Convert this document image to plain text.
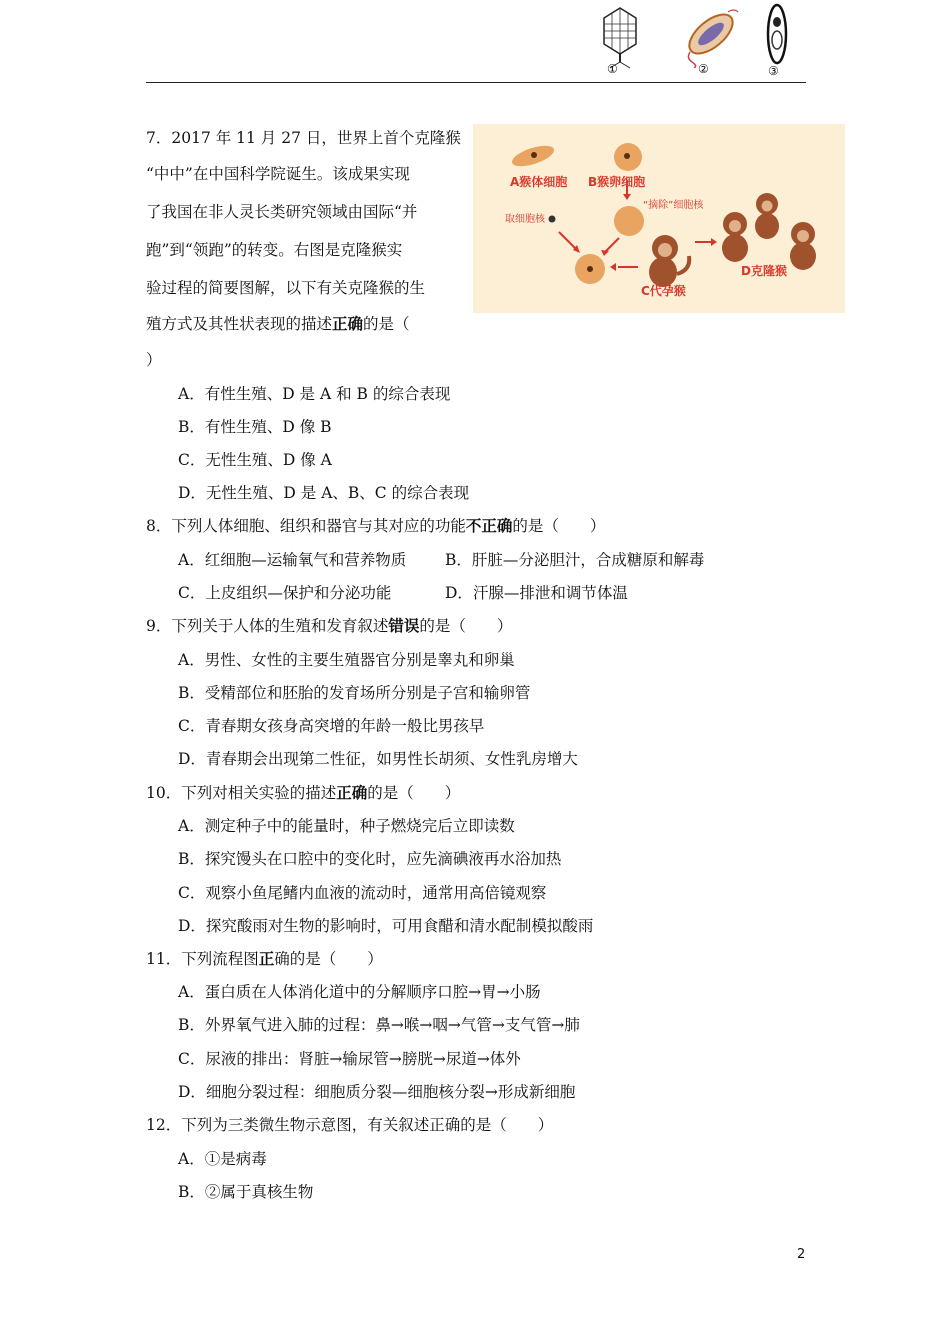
①	②	③
7．2017 年 11 月 27 日，世界上首个克隆猴
“中中”在中国科学院诞生。该成果实现
了我国在非人灵长类研究领域由国际“并
跑”到“领跑”的转变。右图是克隆猴实
验过程的简要图解，以下有关克隆猴的生
殖方式及其性状表现的描述正确的是（
）
A猴体细胞 B猴卵细胞
取细胞核
“摘除”细胞核
C代孕猴
D克隆猴
A．有性生殖、D 是 A 和 B 的综合表现
B．有性生殖、D 像 B
C．无性生殖、D 像 A
D．无性生殖、D 是 A、B、C 的综合表现
8．下列人体细胞、组织和器官与其对应的功能不正确的是（　　）
A．红细胞—运输氧气和营养物质	B．肝脏—分泌胆汁，合成糖原和解毒
C．上皮组织—保护和分泌功能	D．汗腺—排泄和调节体温
9．下列关于人体的生殖和发育叙述错误的是（　　）
A．男性、女性的主要生殖器官分别是睾丸和卵巢
B．受精部位和胚胎的发育场所分别是子宫和输卵管
C．青春期女孩身高突增的年龄一般比男孩早
D．青春期会出现第二性征，如男性长胡须、女性乳房增大
10．下列对相关实验的描述正确的是（　　）
A．测定种子中的能量时，种子燃烧完后立即读数
B．探究馒头在口腔中的变化时，应先滴碘液再水浴加热
C．观察小鱼尾鳍内血液的流动时，通常用高倍镜观察
D．探究酸雨对生物的影响时，可用食醋和清水配制模拟酸雨
11．下列流程图正确的是（　　）
A．蛋白质在人体消化道中的分解顺序口腔→胃→小肠
B．外界氧气进入肺的过程：鼻→喉→咽→气管→支气管→肺
C．尿液的排出：肾脏→输尿管→膀胱→尿道→体外
D．细胞分裂过程：细胞质分裂—细胞核分裂→形成新细胞
12．下列为三类微生物示意图，有关叙述正确的是（　　）
A．①是病毒
B．②属于真核生物
2
